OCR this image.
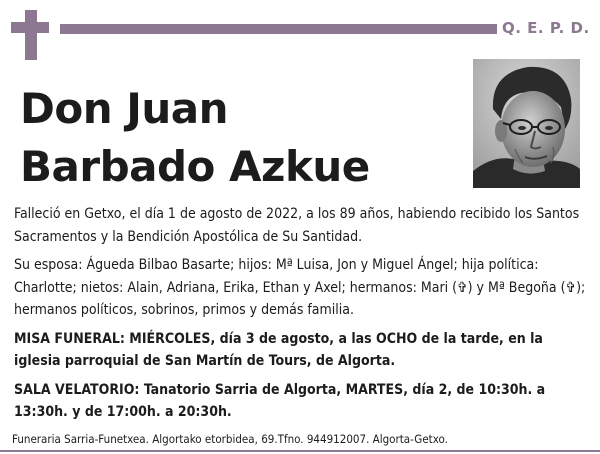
Q. E. P. D.
Don Juan
Barbado Azkue

Falleció en Getxo, el día 1 de agosto de 2022, a los 89 años, habiendo recibido los Santos Sacramentos y la Bendición Apostólica de Su Santidad.

Su esposa: Águeda Bilbao Basarte; hijos: Mª Luisa, Jon y Miguel Ángel; hija política: Charlotte; nietos: Alain, Adriana, Erika, Ethan y Axel; hermanos: Mari (✞) y Mª Begoña (✞); hermanos políticos, sobrinos, primos y demás familia.

MISA FUNERAL: MIÉRCOLES, día 3 de agosto, a las OCHO de la tarde, en la iglesia parroquial de San Martín de Tours, de Algorta.

SALA VELATORIO: Tanatorio Sarria de Algorta, MARTES, día 2, de 10:30h. a 13:30h. y de 17:00h. a 20:30h.

Funeraria Sarria-Funetxea. Algortako etorbidea, 69.Tfno. 944912007. Algorta-Getxo.
